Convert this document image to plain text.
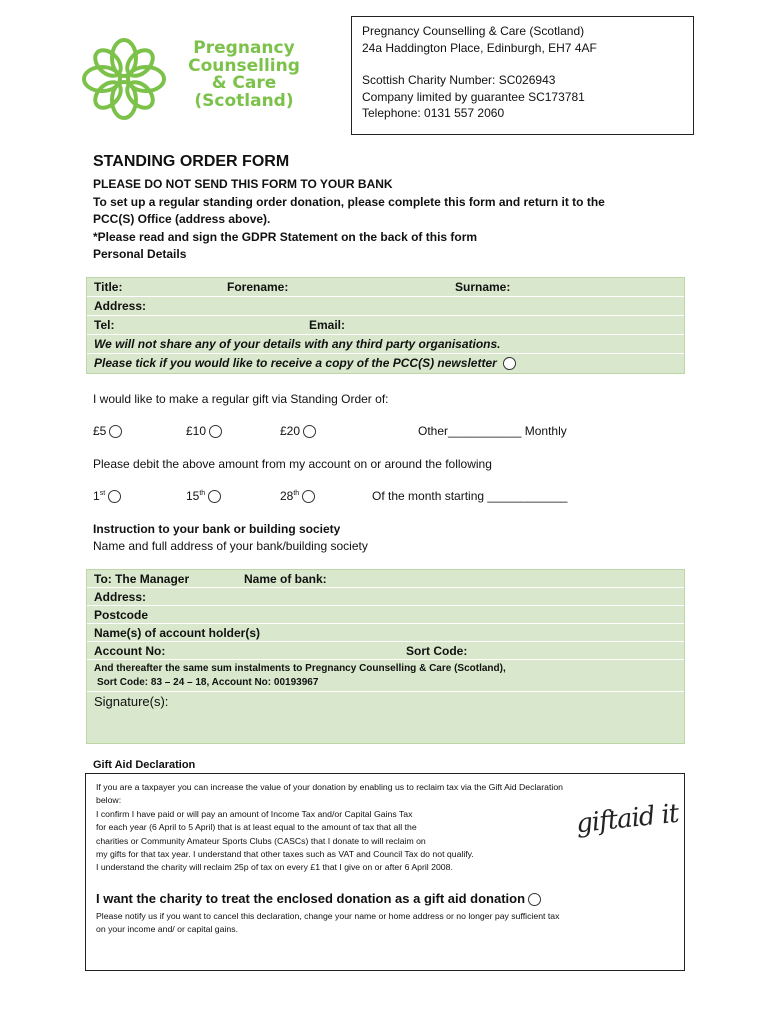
Pregnancy
Counselling
& Care
(Scotland)
Pregnancy Counselling & Care (Scotland)
24a Haddington Place, Edinburgh, EH7 4AF
Scottish Charity Number: SC026943
Company limited by guarantee SC173781
Telephone: 0131 557 2060
STANDING ORDER FORM
PLEASE DO NOT SEND THIS FORM TO YOUR BANK
To set up a regular standing order donation, please complete this form and return it to the
PCC(S) Office (address above).
*Please read and sign the GDPR Statement on the back of this form
Personal Details
Title:	Forename:	Surname:
Address:
Tel:	Email:
We will not share any of your details with any third party organisations.
Please tick if you would like to receive a copy of the PCC(S) newsletter
I would like to make a regular gift via Standing Order of:
£5	£10	£20	Other___________ Monthly
Please debit the above amount from my account on or around the following
1st	15th	28th	Of the month starting ____________
Instruction to your bank or building society
Name and full address of your bank/building society
To: The Manager	Name of bank:
Address:
Postcode
Name(s) of account holder(s)
Account No:	Sort Code:
And thereafter the same sum instalments to Pregnancy Counselling & Care (Scotland),
Sort Code: 83 – 24 – 18, Account No: 00193967
Signature(s):
Gift Aid Declaration
If you are a taxpayer you can increase the value of your donation by enabling us to reclaim tax via the Gift Aid Declaration
below:
I confirm I have paid or will pay an amount of Income Tax and/or Capital Gains Tax
for each year (6 April to 5 April) that is at least equal to the amount of tax that all the
charities or Community Amateur Sports Clubs (CASCs) that I donate to will reclaim on
my gifts for that tax year. I understand that other taxes such as VAT and Council Tax do not qualify.
I understand the charity will reclaim 25p of tax on every £1 that I give on or after 6 April 2008.
giftaid it
I want the charity to treat the enclosed donation as a gift aid donation
Please notify us if you want to cancel this declaration, change your name or home address or no longer pay sufficient tax
on your income and/ or capital gains.
